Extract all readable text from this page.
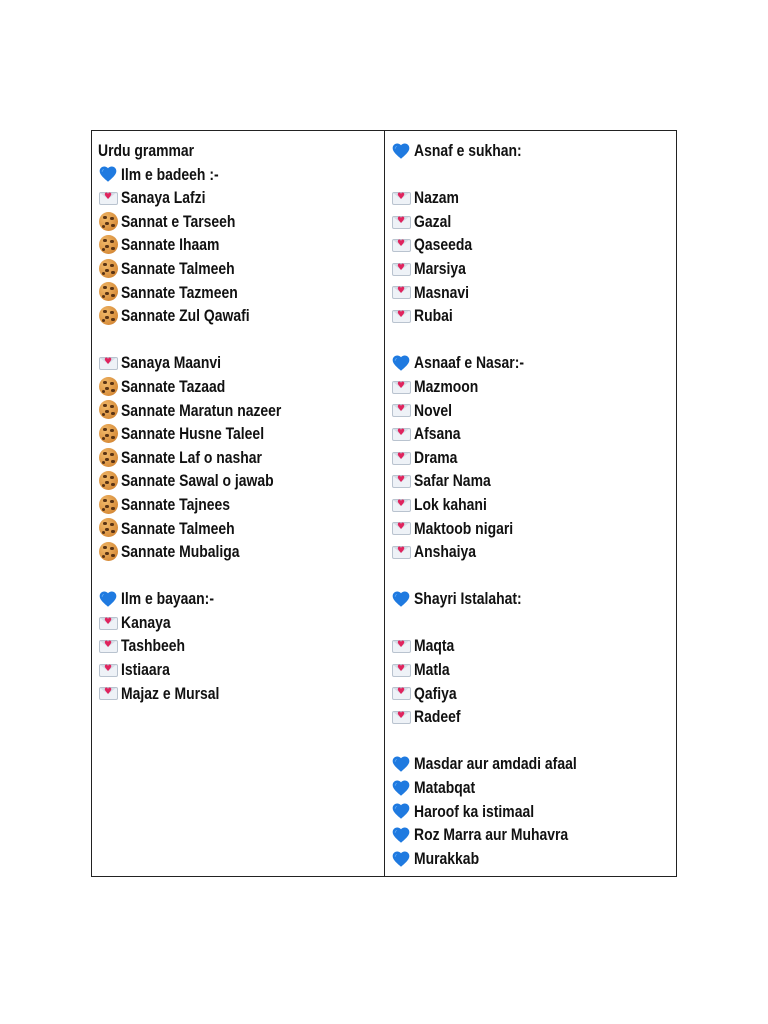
Urdu grammar
Ilm e badeeh :-
♥ Sanaya Lafzi
Sannat e Tarseeh
Sannate Ihaam
Sannate Talmeeh
Sannate Tazmeen
Sannate Zul Qawafi
♥ Sanaya Maanvi
Sannate Tazaad
Sannate Maratun nazeer
Sannate Husne Taleel
Sannate Laf o nashar
Sannate Sawal o jawab
Sannate Tajnees
Sannate Talmeeh
Sannate Mubaliga
Ilm e bayaan:-
♥ Kanaya
♥ Tashbeeh
♥ Istiaara
♥ Majaz e Mursal
Asnaf e sukhan:
♥ Nazam
♥ Gazal
♥ Qaseeda
♥ Marsiya
♥ Masnavi
♥ Rubai
Asnaaf e Nasar:-
♥ Mazmoon
♥ Novel
♥ Afsana
♥ Drama
♥ Safar Nama
♥ Lok kahani
♥ Maktoob nigari
♥ Anshaiya
Shayri Istalahat:
♥ Maqta
♥ Matla
♥ Qafiya
♥ Radeef
Masdar aur amdadi afaal
Matabqat
Haroof ka istimaal
Roz Marra aur Muhavra
Murakkab
